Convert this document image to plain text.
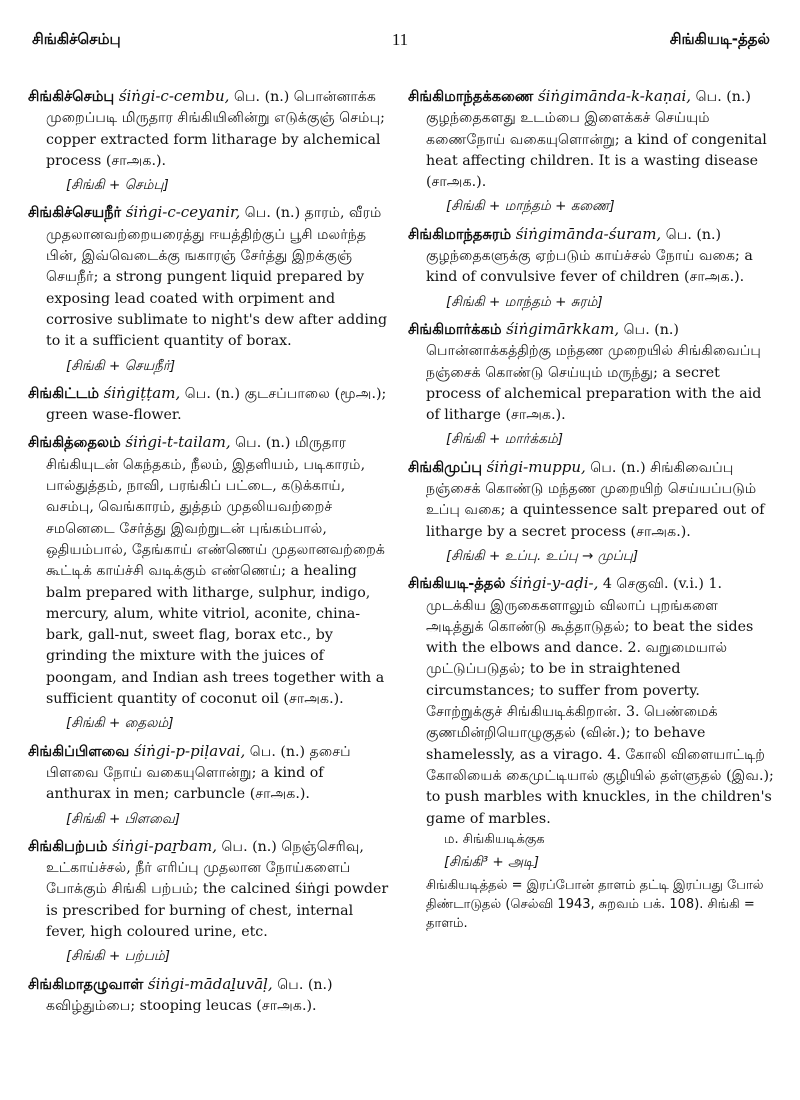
சிங்கிச்செம்பு	11	சிங்கியடி-த்தல்
சிங்கிச்செம்பு śiṅgi-c-cembu, பெ. (n.) பொன்னாக்க முறைப்படி மிருதார சிங்கியினின்று எடுக்குஞ் செம்பு; copper extracted form litharage by alchemical process (சாஅக.).
[சிங்கி + செம்பு]
சிங்கிச்செயநீர் śiṅgi-c-ceyanir, பெ. (n.) தாரம், வீரம் முதலானவற்றையரைத்து ஈயத்திற்குப் பூசி மலர்ந்த பின், இவ்வெடைக்கு ஙகாரஞ் சேர்த்து இறக்குஞ் செயநீர்; a strong pungent liquid prepared by exposing lead coated with orpiment and corrosive sublimate to night's dew after adding to it a sufficient quantity of borax.
[சிங்கி + செயநீர்]
சிங்கிட்டம் śiṅgiṭṭam, பெ. (n.) குடசப்பாலை (மூஅ.); green wase-flower.
சிங்கித்தைலம் śiṅgi-t-tailam, பெ. (n.) மிருதார சிங்கியுடன் கெந்தகம், நீலம், இதளியம், படிகாரம், பால்துத்தம், நாவி, பரங்கிப் பட்டை, கடுக்காய், வசம்பு, வெங்காரம், துத்தம் முதலியவற்றைச் சமனெடை சேர்த்து இவற்றுடன் புங்கம்பால், ஒதியம்பால், தேங்காய் எண்ணெய் முதலானவற்றைக் கூட்டிக் காய்ச்சி வடிக்கும் எண்ணெய்; a healing balm prepared with litharge, sulphur, indigo, mercury, alum, white vitriol, aconite, china-bark, gall-nut, sweet flag, borax etc., by grinding the mixture with the juices of poongam, and Indian ash trees together with a sufficient quantity of coconut oil (சாஅக.).
[சிங்கி + தைலம்]
சிங்கிப்பிளவை śiṅgi-p-piḷavai, பெ. (n.) தசைப் பிளவை நோய் வகையுளொன்று; a kind of anthurax in men; carbuncle (சாஅக.).
[சிங்கி + பிளவை]
சிங்கிபற்பம் śiṅgi-paṟbam, பெ. (n.) நெஞ்செரிவு, உட்காய்ச்சல், நீர் எரிப்பு முதலான நோய்களைப் போக்கும் சிங்கி பற்பம்; the calcined śiṅgi powder is prescribed for burning of chest, internal fever, high coloured urine, etc.
[சிங்கி + பற்பம்]
சிங்கிமாதழுவாள் śiṅgi-mādaḻuvāḷ, பெ. (n.) கவிழ்தும்பை; stooping leucas (சாஅக.).
சிங்கிமாந்தக்கணை śiṅgimānda-k-kaṇai, பெ. (n.) குழந்தைகளது உடம்பை இளைக்கச் செய்யும் கணைநோய் வகையுளொன்று; a kind of congenital heat affecting children. It is a wasting disease (சாஅக.).
[சிங்கி + மாந்தம் + கணை]
சிங்கிமாந்தசுரம் śiṅgimānda-śuram, பெ. (n.) குழந்தைகளுக்கு ஏற்படும் காய்ச்சல் நோய் வகை; a kind of convulsive fever of children (சாஅக.).
[சிங்கி + மாந்தம் + சுரம்]
சிங்கிமார்க்கம் śiṅgimārkkam, பெ. (n.) பொன்னாக்கத்திற்கு மந்தண முறையில் சிங்கிவைப்பு நஞ்சைக் கொண்டு செய்யும் மருந்து; a secret process of alchemical preparation with the aid of litharge (சாஅக.).
[சிங்கி + மார்க்கம்]
சிங்கிமுப்பு śiṅgi-muppu, பெ. (n.) சிங்கிவைப்பு நஞ்சைக் கொண்டு மந்தண முறையிற் செய்யப்படும் உப்பு வகை; a quintessence salt prepared out of litharge by a secret process (சாஅக.).
[சிங்கி + உப்பு. உப்பு → முப்பு]
சிங்கியடி-த்தல் śiṅgi-y-aḍi-, 4 செகுவி. (v.i.) 1. முடக்கிய இருகைகளாலும் விலாப் புறங்களை அடித்துக் கொண்டு கூத்தாடுதல்; to beat the sides with the elbows and dance. 2. வறுமையால் முட்டுப்படுதல்; to be in straightened circumstances; to suffer from poverty. சோற்றுக்குச் சிங்கியடிக்கிறான். 3. பெண்மைக் குணமின்றியொழுகுதல் (வின்.); to behave shamelessly, as a virago. 4. கோலி விளையாட்டிற் கோலியைக் கைமுட்டியால் குழியில் தள்ளுதல் (இவ.); to push marbles with knuckles, in the children's game of marbles.
ம. சிங்கியடிக்குக
[சிங்கி³ + அடி]
சிங்கியடித்தல் = இரப்போன் தாளம் தட்டி இரப்பது போல் திண்டாடுதல் (செல்வி 1943, சுறவம் பக். 108). சிங்கி = தாளம்.
